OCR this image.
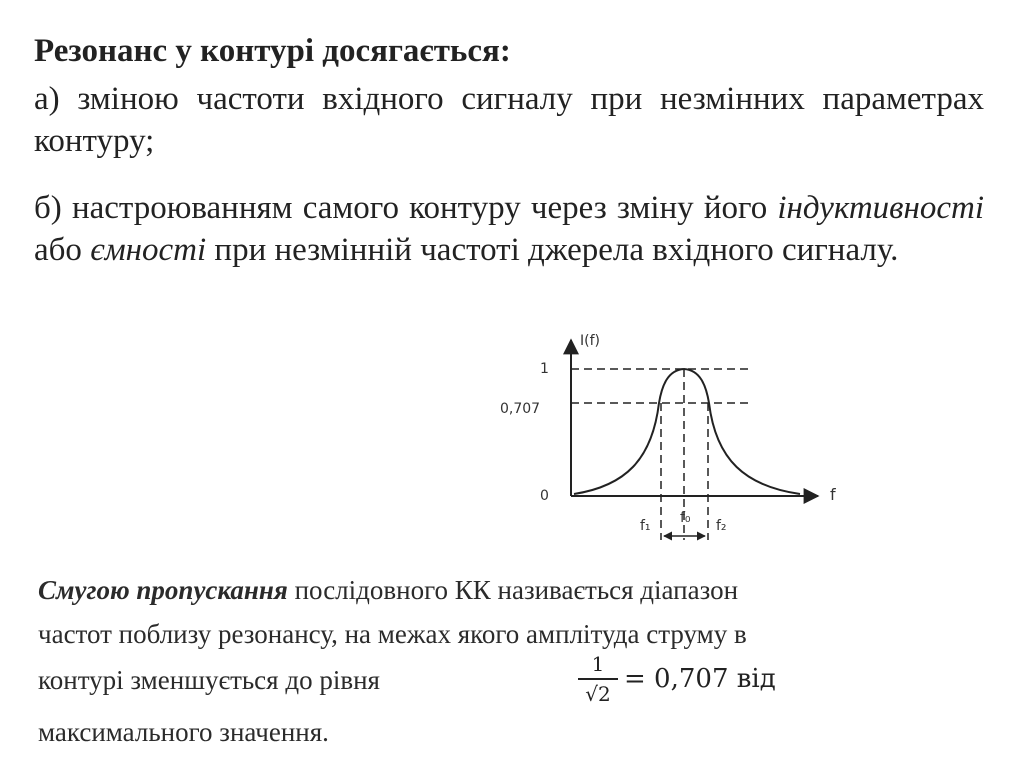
Резонанс у контурі досягається:
а) зміною частоти вхідного сигналу при незмінних параметрах контуру;
б) настроюванням самого контуру через зміну його індуктивності або ємності при незмінній частоті джерела вхідного сигналу.
I(f)
f
1
0,707
0
f₁ f₀ f₂
Смугою пропускання послідовного КК називається діапазон
частот поблизу резонансу, на межах якого амплітуда струму в
контурі зменшується до рівня
1
√2 = 0,707 від
максимального значення.
